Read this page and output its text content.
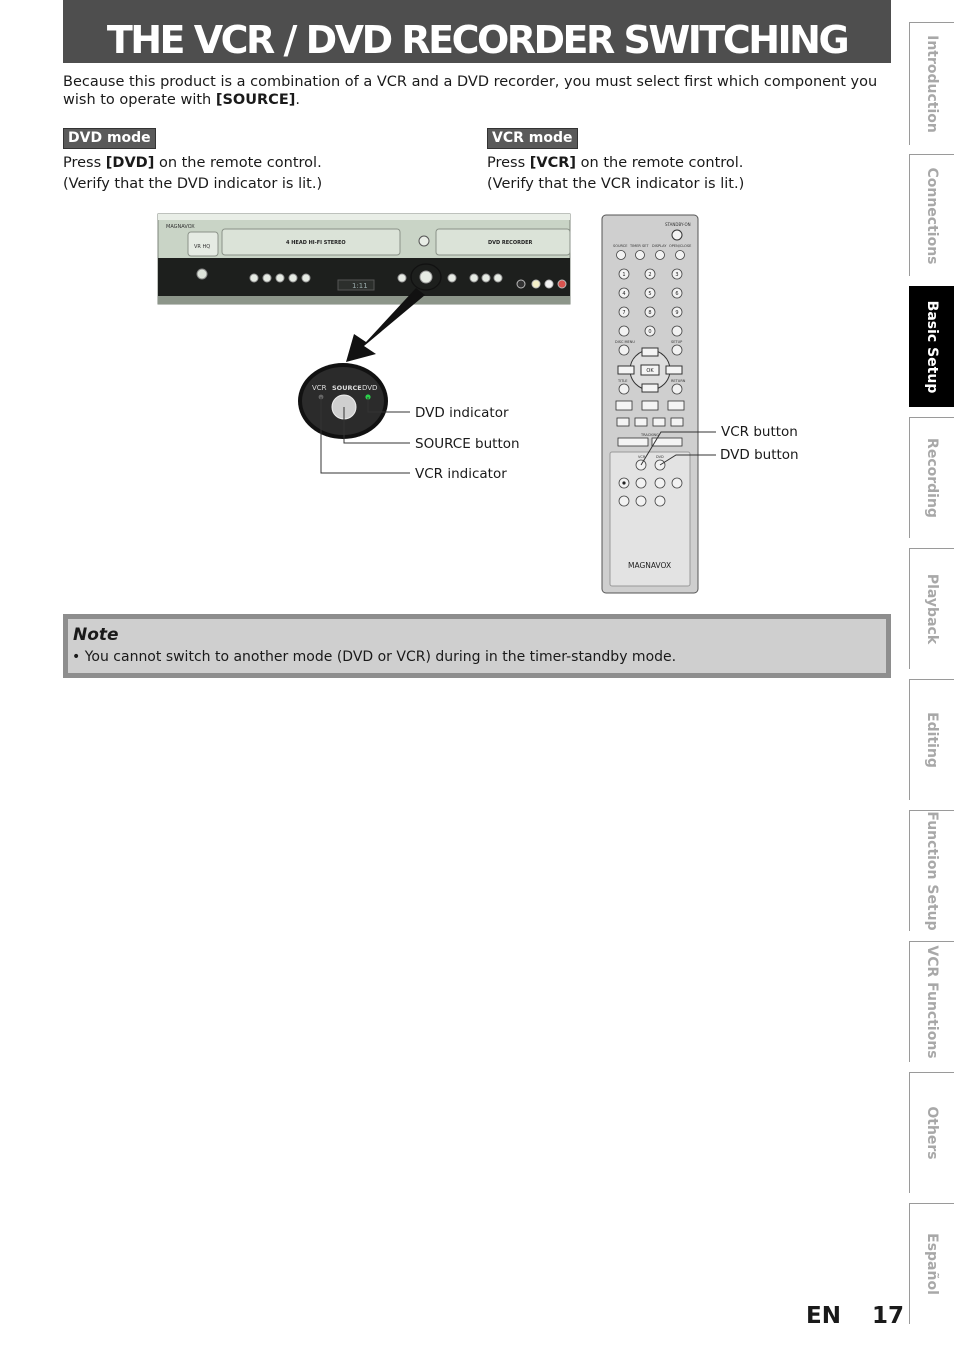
THE VCR / DVD RECORDER SWITCHING
Because this product is a combination of a VCR and a DVD recorder, you must select first which component you wish to operate with [SOURCE].
DVD mode
Press [DVD] on the remote control.
(Verify that the DVD indicator is lit.)
VCR mode
Press [VCR] on the remote control.
(Verify that the VCR indicator is lit.)
MAGNAVOX
VR HQ
4 HEAD HI-FI STEREO	DVD RECORDER
1:11
VCR SOURCE DVD
STANDBY-ON
SOURCE TIMER SET DISPLAY OPEN/CLOSE
1	2	3
4	5	6
7	8	9
0
DISC MENU	SETUP
OK
TITLE	RETURN
TRACKING
VCR	DVD
MAGNAVOX
DVD indicator
SOURCE button
VCR indicator
VCR button
DVD button
Note
• You cannot switch to another mode (DVD or VCR) during in the timer-standby mode.
Introduction
Connections
Basic Setup
Recording
Playback
Editing
Function Setup
VCR Functions
Others
Español
EN 17
